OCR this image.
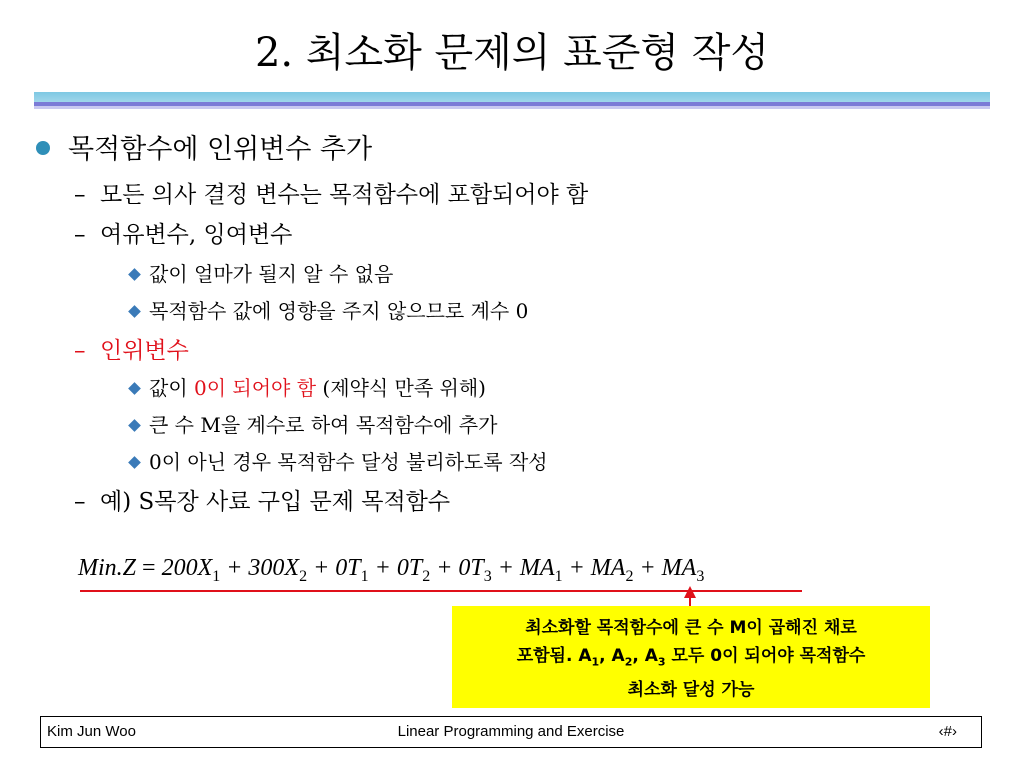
2. 최소화 문제의 표준형 작성
목적함수에 인위변수 추가
– 모든 의사 결정 변수는 목적함수에 포함되어야 함
– 여유변수, 잉여변수
값이 얼마가 될지 알 수 없음
목적함수 값에 영향을 주지 않으므로 계수 0
– 인위변수
값이 0이 되어야 함 (제약식 만족 위해)
큰 수 M을 계수로 하여 목적함수에 추가
0이 아닌 경우 목적함수 달성 불리하도록 작성
– 예) S목장 사료 구입 문제 목적함수
$Min.Z = 200X_1 + 300X_2 + 0T_1 + 0T_2 + 0T_3 + MA_1 + MA_2 + MA_3$
최소화할 목적함수에 큰 수 M이 곱해진 채로
포함됨. $A_1$, $A_2$, $A_3$ 모두 0이 되어야 목적함수
최소화 달성 가능
Kim Jun Woo	Linear Programming and Exercise	‹#›
